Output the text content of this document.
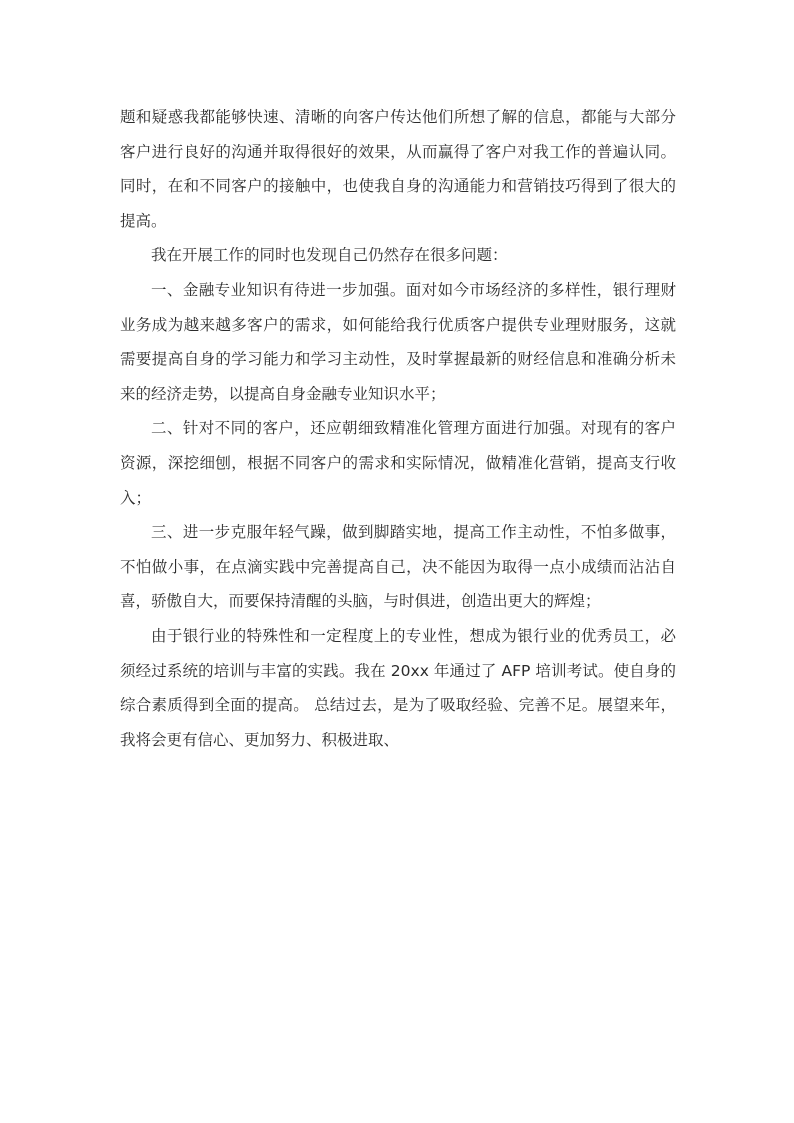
题和疑惑我都能够快速、清晰的向客户传达他们所想了解的信息，都能与大部分客户进行良好的沟通并取得很好的效果，从而赢得了客户对我工作的普遍认同。同时，在和不同客户的接触中，也使我自身的沟通能力和营销技巧得到了很大的提高。

我在开展工作的同时也发现自己仍然存在很多问题：

一、金融专业知识有待进一步加强。面对如今市场经济的多样性，银行理财业务成为越来越多客户的需求，如何能给我行优质客户提供专业理财服务，这就需要提高自身的学习能力和学习主动性，及时掌握最新的财经信息和准确分析未来的经济走势，以提高自身金融专业知识水平；

二、针对不同的客户，还应朝细致精准化管理方面进行加强。对现有的客户资源，深挖细刨，根据不同客户的需求和实际情况，做精准化营销，提高支行收入；

三、进一步克服年轻气躁，做到脚踏实地，提高工作主动性，不怕多做事，不怕做小事，在点滴实践中完善提高自己，决不能因为取得一点小成绩而沾沾自喜，骄傲自大，而要保持清醒的头脑，与时俱进，创造出更大的辉煌；

由于银行业的特殊性和一定程度上的专业性，想成为银行业的优秀员工，必须经过系统的培训与丰富的实践。我在 20xx 年通过了 AFP 培训考试。使自身的综合素质得到全面的提高。 总结过去，是为了吸取经验、完善不足。展望来年，我将会更有信心、更加努力、积极进取、
